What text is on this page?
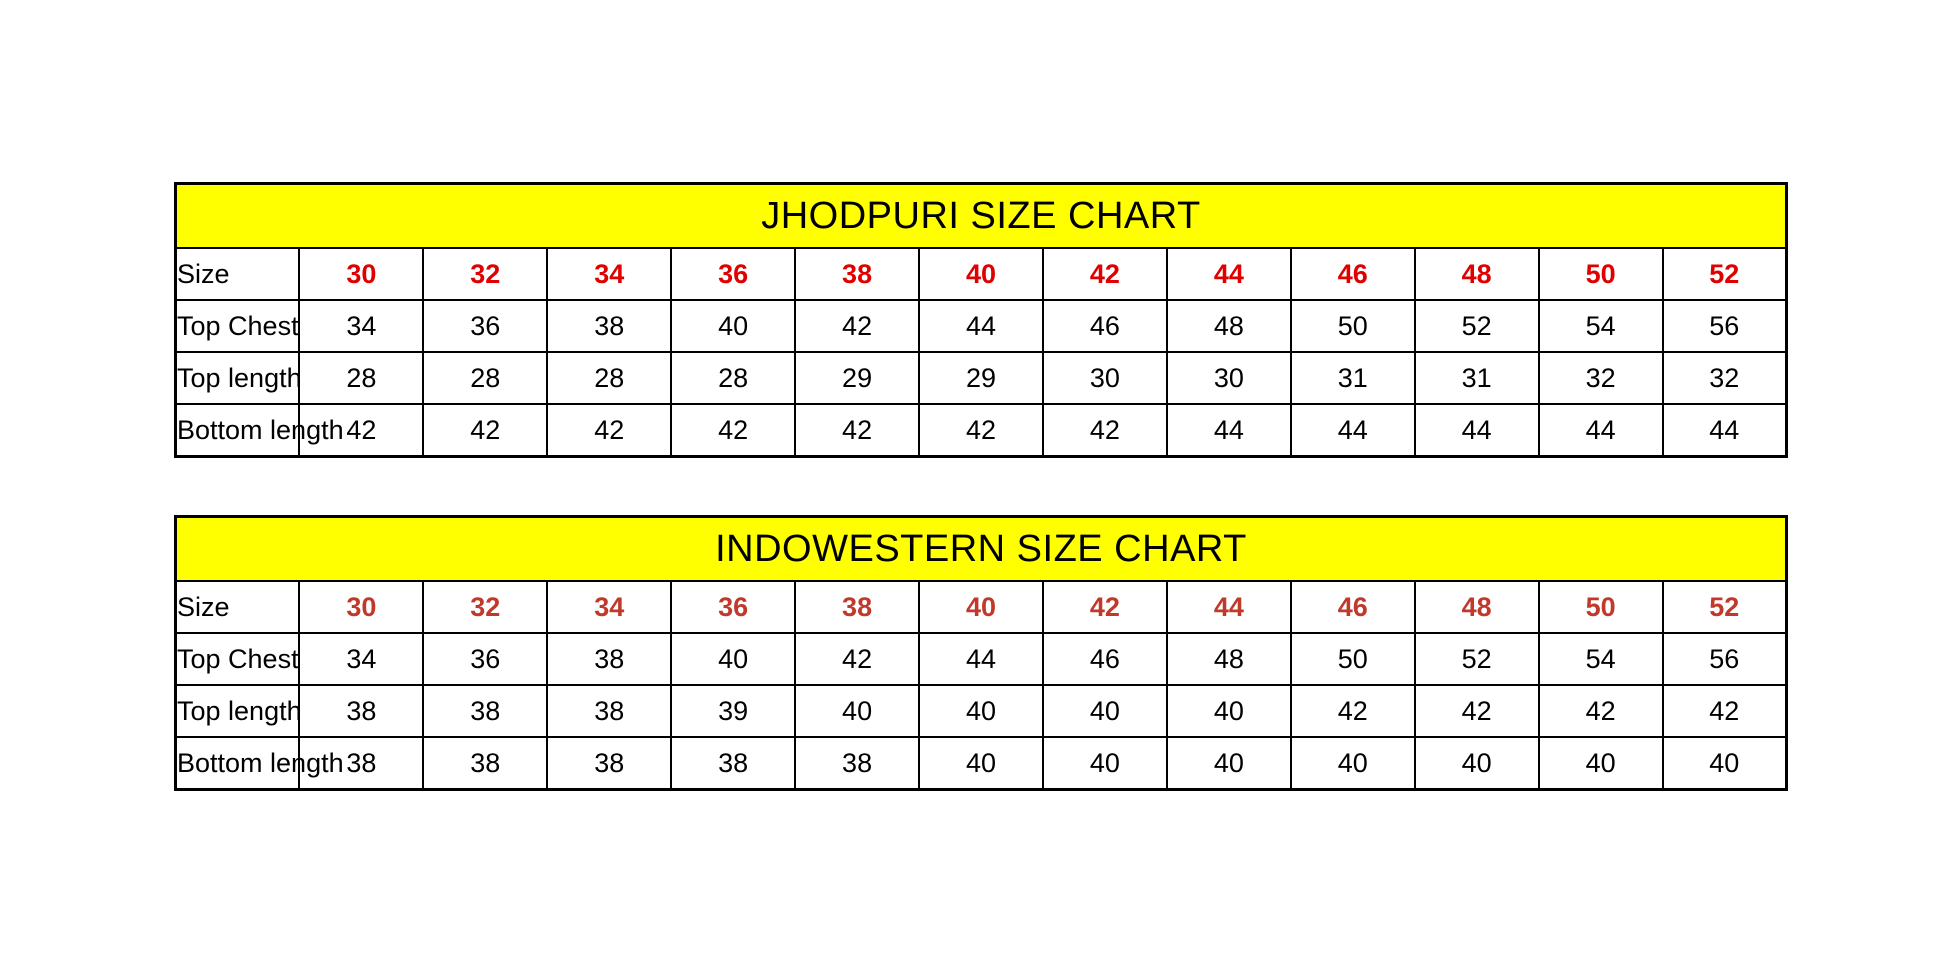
JHODPURI SIZE CHART												
Size	30	32	34	36	38	40	42	44	46	48	50	52
Top Chest	34	36	38	40	42	44	46	48	50	52	54	56
Top length	28	28	28	28	29	29	30	30	31	31	32	32
Bottom length	42	42	42	42	42	42	42	44	44	44	44	44
INDOWESTERN SIZE CHART												
Size	30	32	34	36	38	40	42	44	46	48	50	52
Top Chest	34	36	38	40	42	44	46	48	50	52	54	56
Top length	38	38	38	39	40	40	40	40	42	42	42	42
Bottom length	38	38	38	38	38	40	40	40	40	40	40	40
